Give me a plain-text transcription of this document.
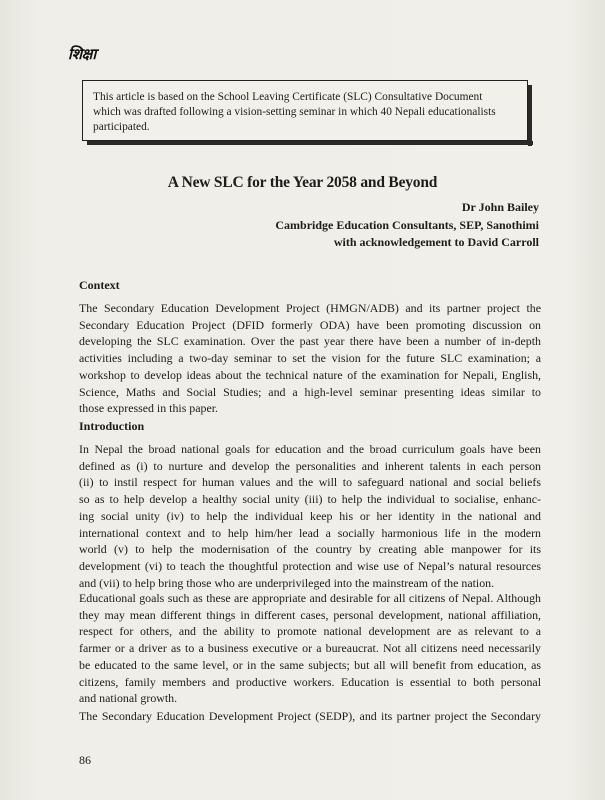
शिक्षा
This article is based on the School Leaving Certificate (SLC) Consultative Document
which was drafted following a vision-setting seminar in which 40 Nepali educationalists
participated.
A New SLC for the Year 2058 and Beyond
Dr John Bailey
Cambridge Education Consultants, SEP, Sanothimi
with acknowledgement to David Carroll
Context
The Secondary Education Development Project (HMGN/ADB) and its partner project the
Secondary Education Project (DFID formerly ODA) have been promoting discussion on
developing the SLC examination. Over the past year there have been a number of in-depth
activities including a two-day seminar to set the vision for the future SLC examination; a
workshop to develop ideas about the technical nature of the examination for Nepali, English,
Science, Maths and Social Studies; and a high-level seminar presenting ideas similar to
those expressed in this paper.
Introduction
In Nepal the broad national goals for education and the broad curriculum goals have been
defined as (i) to nurture and develop the personalities and inherent talents in each person
(ii) to instil respect for human values and the will to safeguard national and social beliefs
so as to help develop a healthy social unity (iii) to help the individual to socialise, enhanc-
ing social unity (iv) to help the individual keep his or her identity in the national and
international context and to help him/her lead a socially harmonious life in the modern
world (v) to help the modernisation of the country by creating able manpower for its
development (vi) to teach the thoughtful protection and wise use of Nepal’s natural resources
and (vii) to help bring those who are underprivileged into the mainstream of the nation.
Educational goals such as these are appropriate and desirable for all citizens of Nepal. Although
they may mean different things in different cases, personal development, national affiliation,
respect for others, and the ability to promote national development are as relevant to a
farmer or a driver as to a business executive or a bureaucrat. Not all citizens need necessarily
be educated to the same level, or in the same subjects; but all will benefit from education, as
citizens, family members and productive workers. Education is essential to both personal
and national growth.
The Secondary Education Development Project (SEDP), and its partner project the Secondary
86
